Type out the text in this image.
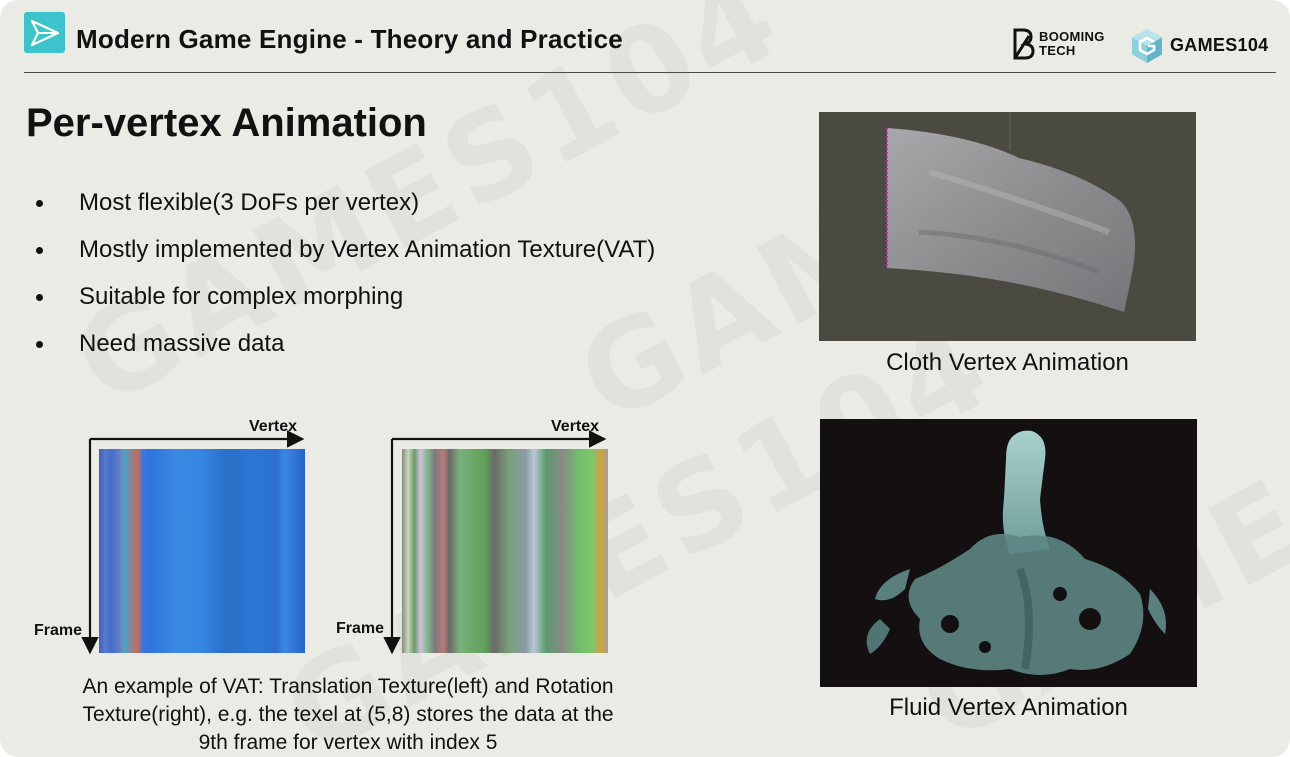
Modern Game Engine - Theory and Practice	BOOMING
TECH	GAMES104
Per-vertex Animation
Most flexible(3 DoFs per vertex)
Mostly implemented by Vertex Animation Texture(VAT)
Suitable for complex morphing
Need massive data
Vertex
Frame
Vertex
Frame
An example of VAT: Translation Texture(left) and Rotation
Texture(right), e.g. the texel at (5,8) stores the data at the
9th frame for vertex with index 5
Cloth Vertex Animation
Fluid Vertex Animation
